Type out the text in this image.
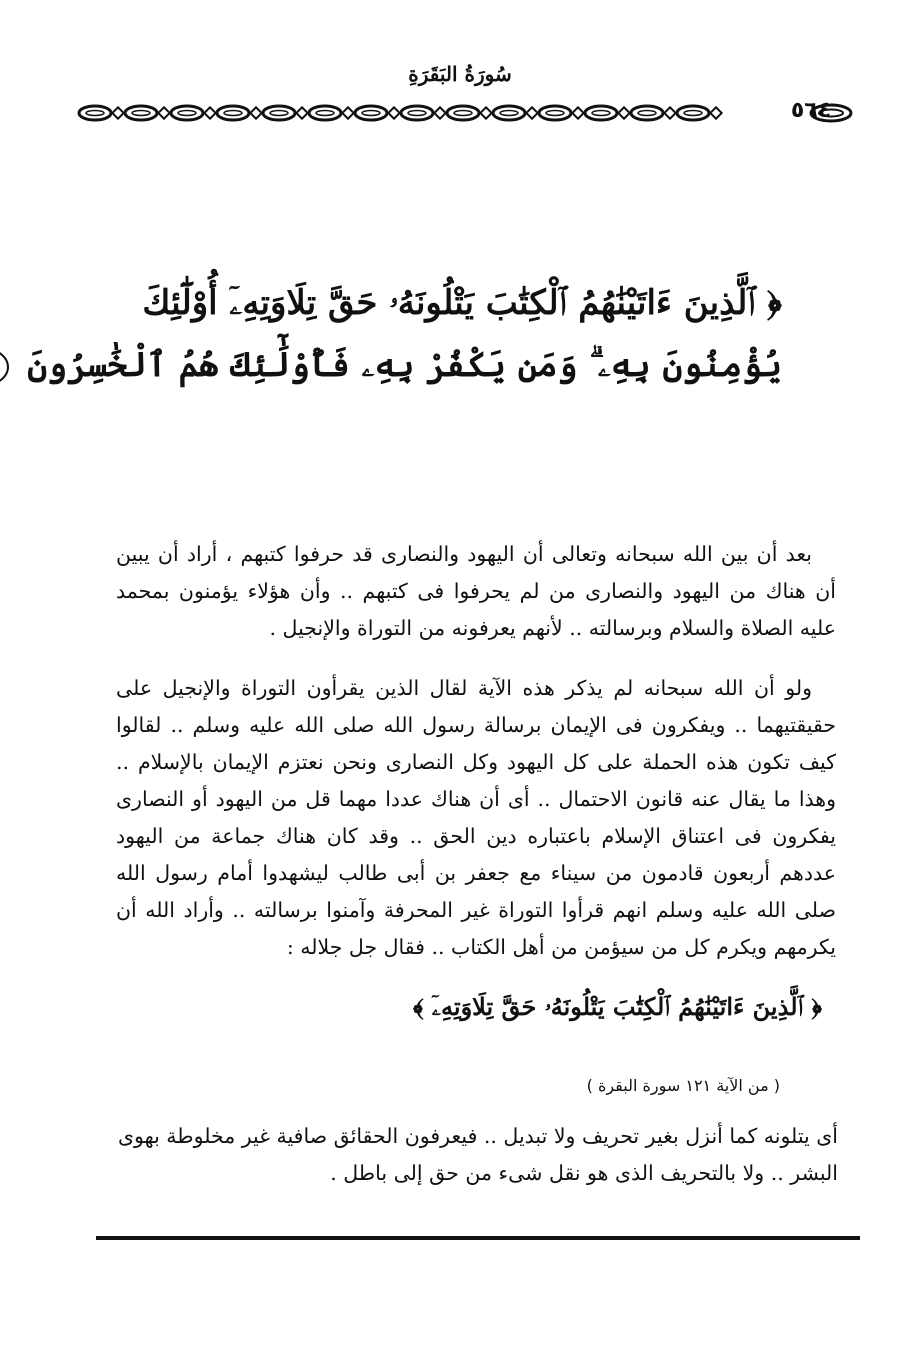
سُورَةُ البَقَرَةِ
٥٦٤
﴿ ٱلَّذِينَ ءَاتَيْنَٰهُمُ ٱلْكِتَٰبَ يَتْلُونَهُۥ حَقَّ تِلَاوَتِهِۦٓ أُوْلَٰٓئِكَ
يُؤْمِنُونَ بِهِۦ ۗ وَمَن يَكْفُرْ بِهِۦ فَأُوْلَٰٓئِكَ هُمُ ٱلْخَٰسِرُونَ
بعد أن بين الله سبحانه وتعالى أن اليهود والنصارى قد حرفوا كتبهم ، أراد أن يبين أن هناك من اليهود والنصارى من لم يحرفوا فى كتبهم .. وأن هؤلاء يؤمنون بمحمد عليه الصلاة والسلام وبرسالته .. لأنهم يعرفونه من التوراة والإنجيل .
ولو أن الله سبحانه لم يذكر هذه الآية لقال الذين يقرأون التوراة والإنجيل على حقيقتيهما .. ويفكرون فى الإيمان برسالة رسول الله صلى الله عليه وسلم .. لقالوا كيف تكون هذه الحملة على كل اليهود وكل النصارى ونحن نعتزم الإيمان بالإسلام .. وهذا ما يقال عنه قانون الاحتمال .. أى أن هناك عددا مهما قل من اليهود أو النصارى يفكرون فى اعتناق الإسلام باعتباره دين الحق .. وقد كان هناك جماعة من اليهود عددهم أربعون قادمون من سيناء مع جعفر بن أبى طالب ليشهدوا أمام رسول الله صلى الله عليه وسلم انهم قرأوا التوراة غير المحرفة وآمنوا برسالته .. وأراد الله أن يكرمهم ويكرم كل من سيؤمن من أهل الكتاب .. فقال جل جلاله :
﴿ ٱلَّذِينَ ءَاتَيْنَٰهُمُ ٱلْكِتَٰبَ يَتْلُونَهُۥ حَقَّ تِلَاوَتِهِۦٓ ﴾
( من الآية ١٢١ سورة البقرة )
أى يتلونه كما أنزل بغير تحريف ولا تبديل .. فيعرفون الحقائق صافية غير مخلوطة بهوى البشر .. ولا بالتحريف الذى هو نقل شىء من حق إلى باطل .
